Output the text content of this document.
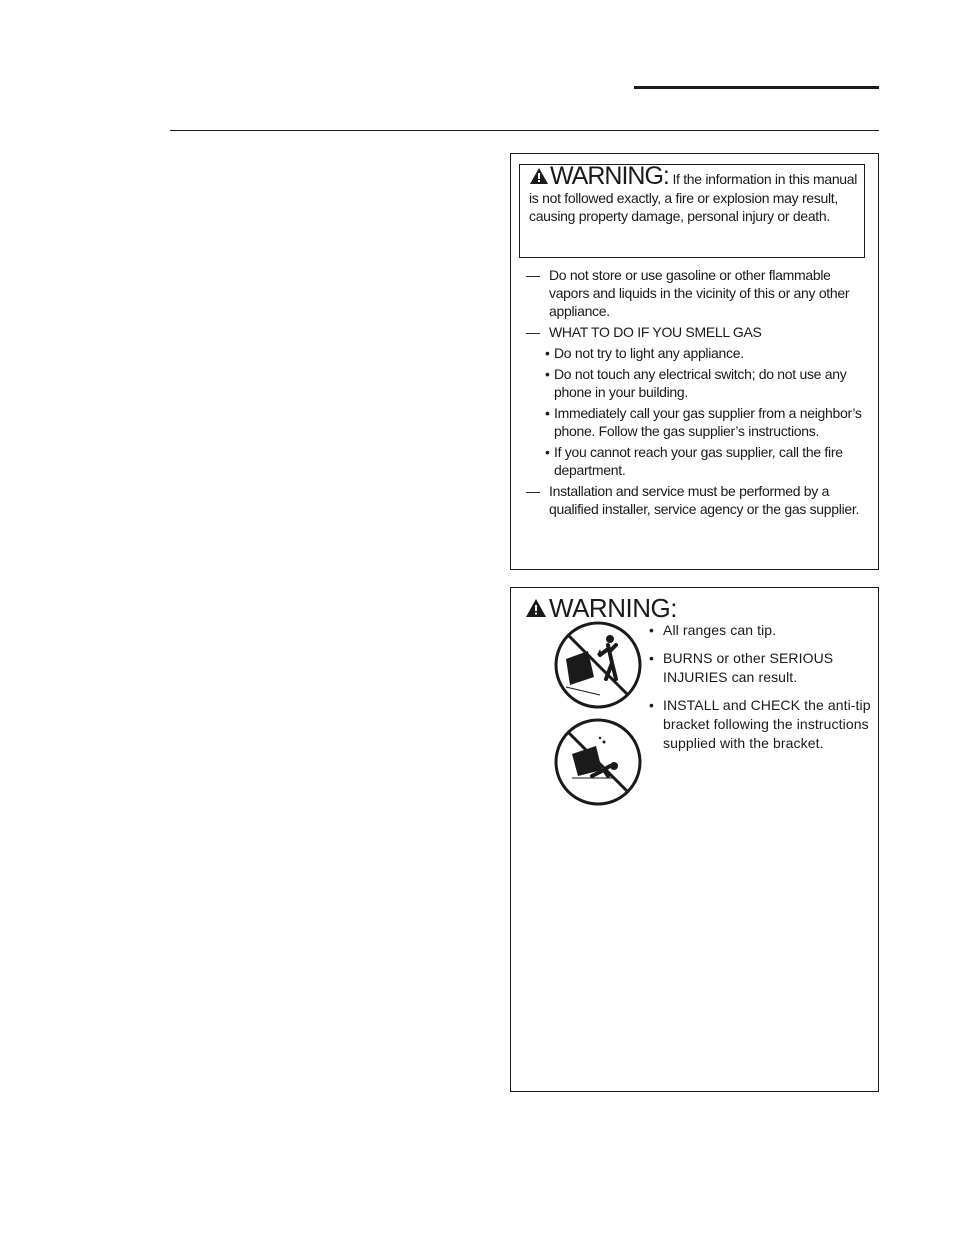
WARNING: If the information in this manual is not followed exactly, a fire or explosion may result, causing property damage, personal injury or death.
— Do not store or use gasoline or other flammable vapors and liquids in the vicinity of this or any other appliance.
— WHAT TO DO IF YOU SMELL GAS
• Do not try to light any appliance.
• Do not touch any electrical switch; do not use any phone in your building.
• Immediately call your gas supplier from a neighbor’s phone. Follow the gas supplier’s instructions.
• If you cannot reach your gas supplier, call the fire department.
— Installation and service must be performed by a qualified installer, service agency or the gas supplier.
WARNING:
• All ranges can tip.
• BURNS or other SERIOUS INJURIES can result.
• INSTALL and CHECK the anti-tip bracket following the instructions supplied with the bracket.
